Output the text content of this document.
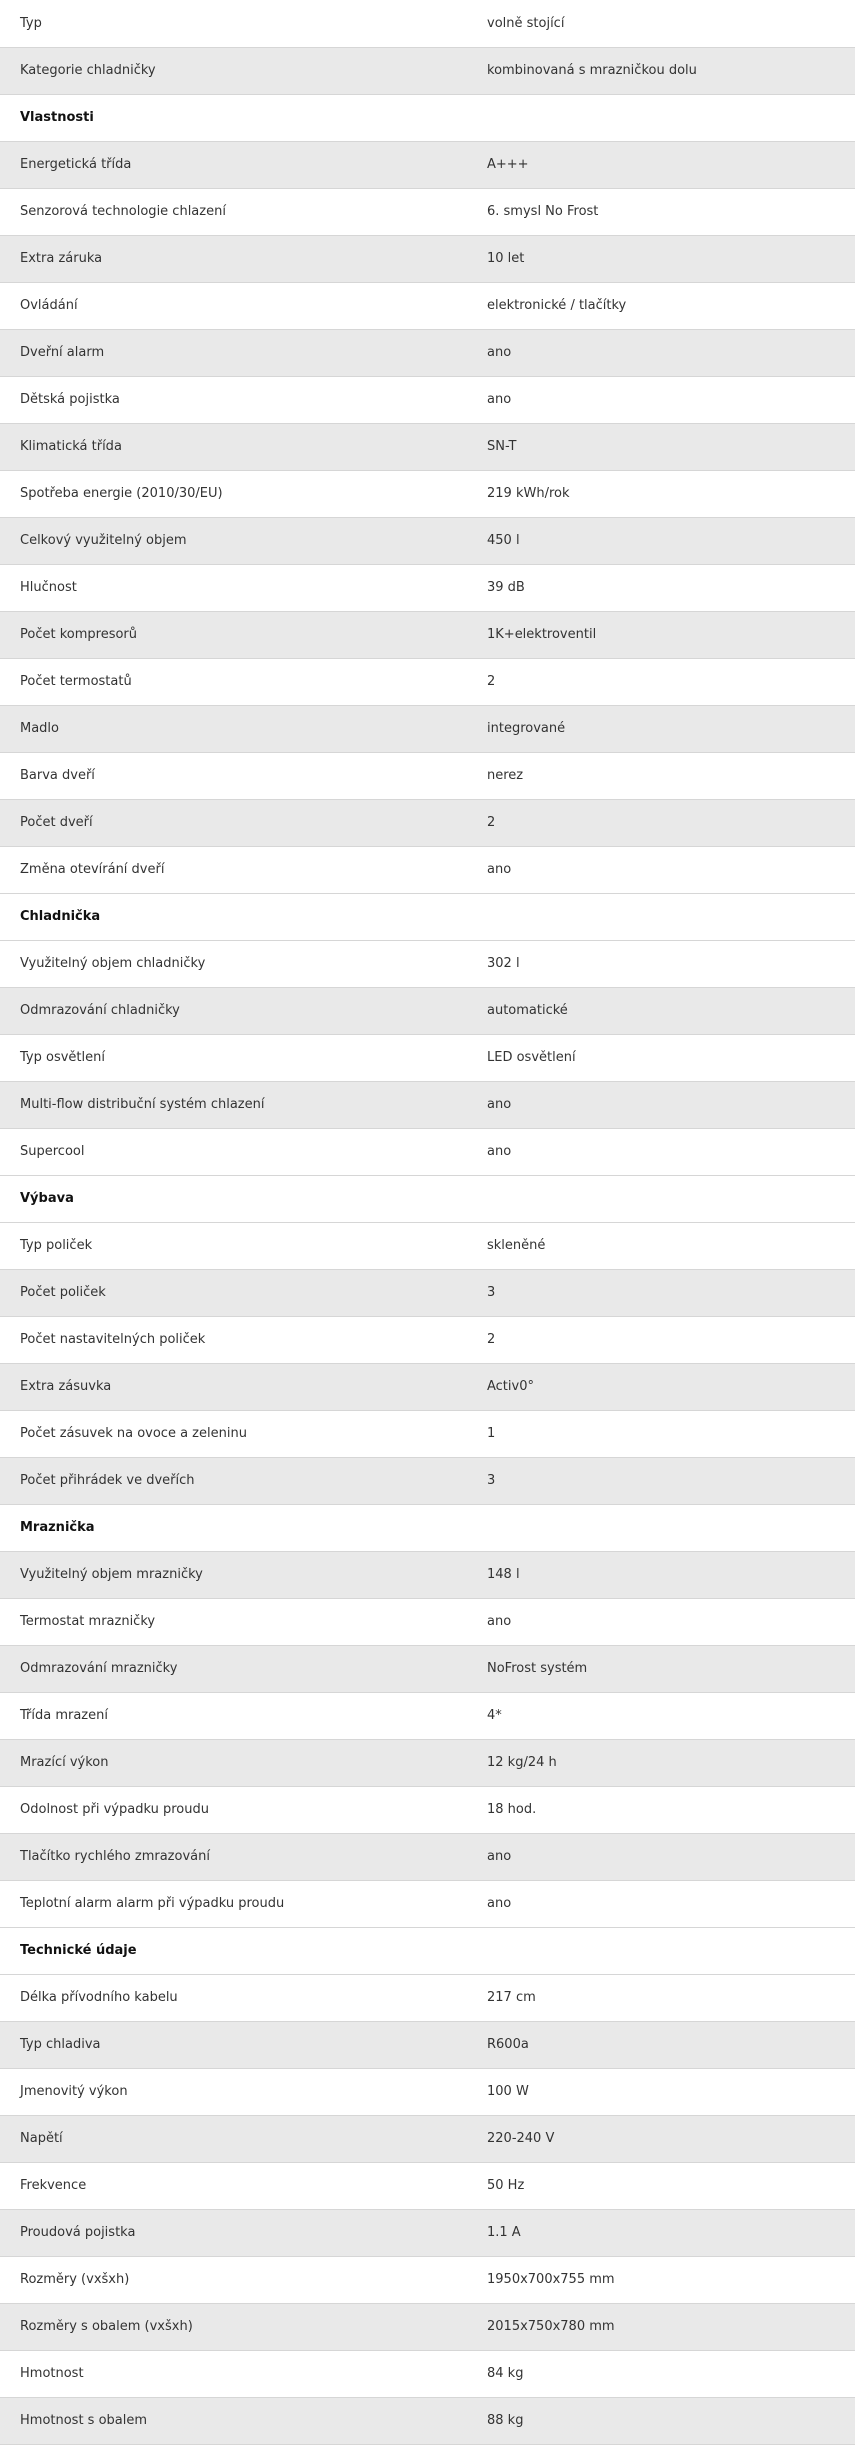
Typ	volně stojící
Kategorie chladničky	kombinovaná s mrazničkou dolu
Vlastnosti	
Energetická třída	A+++
Senzorová technologie chlazení	6. smysl No Frost
Extra záruka	10 let
Ovládání	elektronické / tlačítky
Dveřní alarm	ano
Dětská pojistka	ano
Klimatická třída	SN-T
Spotřeba energie (2010/30/EU)	219 kWh/rok
Celkový využitelný objem	450 l
Hlučnost	39 dB
Počet kompresorů	1K+elektroventil
Počet termostatů	2
Madlo	integrované
Barva dveří	nerez
Počet dveří	2
Změna otevírání dveří	ano
Chladnička	
Využitelný objem chladničky	302 l
Odmrazování chladničky	automatické
Typ osvětlení	LED osvětlení
Multi-flow distribuční systém chlazení	ano
Supercool	ano
Výbava	
Typ poliček	skleněné
Počet poliček	3
Počet nastavitelných poliček	2
Extra zásuvka	Activ0°
Počet zásuvek na ovoce a zeleninu	1
Počet přihrádek ve dveřích	3
Mraznička	
Využitelný objem mrazničky	148 l
Termostat mrazničky	ano
Odmrazování mrazničky	NoFrost systém
Třída mrazení	4*
Mrazící výkon	12 kg/24 h
Odolnost při výpadku proudu	18 hod.
Tlačítko rychlého zmrazování	ano
Teplotní alarm alarm při výpadku proudu	ano
Technické údaje	
Délka přívodního kabelu	217 cm
Typ chladiva	R600a
Jmenovitý výkon	100 W
Napětí	220-240 V
Frekvence	50 Hz
Proudová pojistka	1.1 A
Rozměry (vxšxh)	1950x700x755 mm
Rozměry s obalem (vxšxh)	2015x750x780 mm
Hmotnost	84 kg
Hmotnost s obalem	88 kg
